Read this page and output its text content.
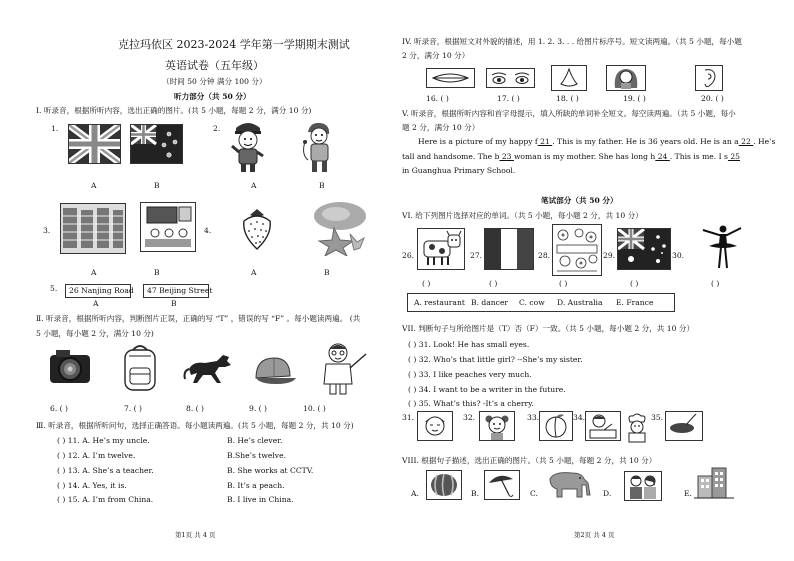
克拉玛依区 2023-2024 学年第一学期期末测试
英语试卷（五年级）
（时间 50 分钟 满分 100 分）
听力部分（共 50 分）
Ⅰ. 听录音，根据所听内容，选出正确的图片。(共 5 小题，每题 2 分，满分 10 分)
1.
A	B
2.
A	B
3.
A	B
4.
A	B
5. 26 Nanjing Road 47 Beijing Street
A	B
Ⅱ. 听录音，根据所听内容，判断图片正误，正确的写 “T” ，错误的写 “F” 。每小题读两遍。 (共
5 小题，每小题 2 分，满分 10 分)
6. ( )	7. ( )	8. ( )	9. ( )	10. ( )
Ⅲ. 听录音，根据所听问句，选择正确答语。每小题读两遍。(共 5 小题，每题 2 分，共 10 分)
( ) 11. A. He’s my uncle.	B. He’s clever.
( ) 12. A. I’m twelve.	B.She’s twelve.
( ) 13. A. She’s a teacher.	B. She works at CCTV.
( ) 14. A. Yes, it is.	B. It’s a peach.
( ) 15. A. I’m from China.	B. I live in China.
第1页 共 4 页
IV. 听录音，根据短文对外貌的描述，用 1. 2. 3. . . 给图片标序号。短文读两遍。（共 5 小题，每小题
2 分，满分 10 分）
16. ( )	17. ( )	18. ( )	19. ( )	20. ( )
V. 听录音，根据所听内容和首字母提示，填入所缺的单词补全短文。每空读两遍。（共 5 小题，每小
题 2 分，满分 10 分）
Here is a picture of my happy f 21 . This is my father. He is 36 years old. He is an a 22 . He’s
tall and handsome. The b 23 woman is my mother. She has long h 24 . This is me. I s 25
in Guanghua Primary School.
笔试部分（共 50 分）
VI. 给下列图片选择对应的单词。（共 5 小题，每小题 2 分，共 10 分）
26.	27.	28.	29.	30.
( )	( )	( )	( )	( )
A. restaurant B. dancer C. cow D. Australia E. France
VII. 判断句子与所给图片是（T）否（F）一致。（共 5 小题，每小题 2 分，共 10 分）
( ) 31. Look! He has small eyes.
( ) 32. Who’s that little girl? --She’s my sister.
( ) 33. I like peaches very much.
( ) 34. I want to be a writer in the future.
( ) 35. What’s this? -It’s a cherry.
31.	32.	33.	34.	35.
VIII. 根据句子描述，选出正确的图片。（共 5 小题，每题 2 分，共 10 分）
A.	B.	C.	D.	E.
第2页 共 4 页
